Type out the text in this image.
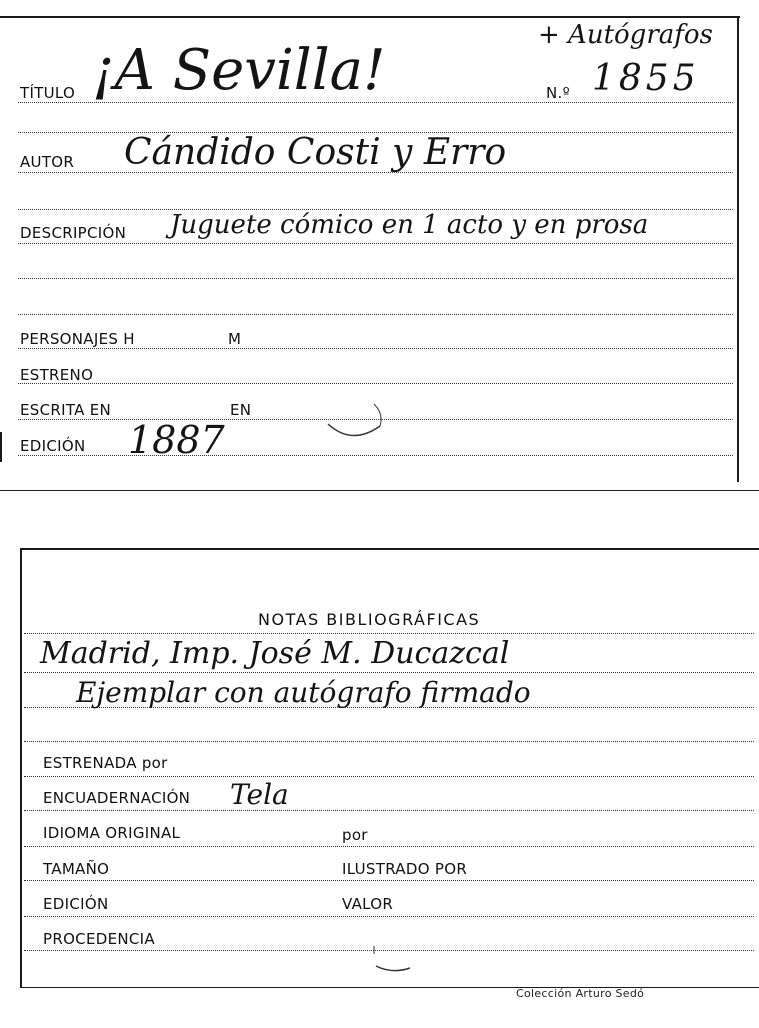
TÍTULO ¡A Sevilla!
+ Autógrafos
N.º 1855
AUTOR Cándido Costi y Erro
DESCRIPCIÓN Juguete cómico en 1 acto y en prosa
PERSONAJES H	M
ESTRENO
ESCRITA EN	EN
EDICIÓN 1887
NOTAS BIBLIOGRÁFICAS
Madrid, Imp. José M. Ducazcal
Ejemplar con autógrafo firmado
ESTRENADA por
ENCUADERNACIÓN Tela
IDIOMA ORIGINAL	por
TAMAÑO	ILUSTRADO POR
EDICIÓN	VALOR
PROCEDENCIA
Colección Arturo Sedó
